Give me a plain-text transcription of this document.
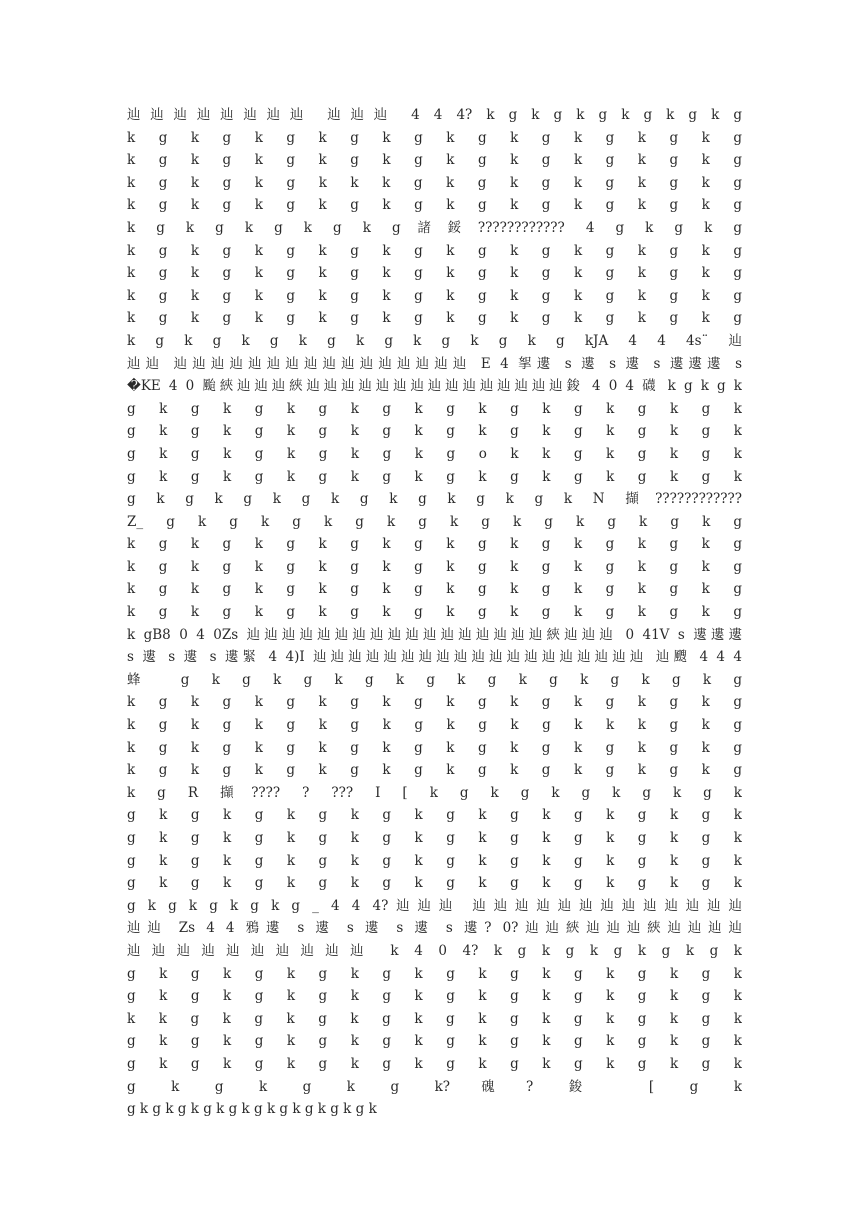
辿辿辿辿辿辿辿辿 辿辿辿 4 4 4? k g k g k g k g k g k g
k g k g k g k g k g k g k g k g k g k g
k g k g k g k g k g k g k g k g k g k g
k g k g k g k k k g k g k g k g k g k g
k g k g k g k g k g k g k g k g k g k g
k g k g k g k g k g諸鋖???????????? 4 g k g k g
k g k g k g k g k g k g k g k g k g k g
k g k g k g k g k g k g k g k g k g k g
k g k g k g k g k g k g k g k g k g k g
k g k g k g k g k g k g k g k g k g k g
k g k g k g k g k g k g k g k g kJA 4 4 4s¨ 辿
辿辿 辿辿辿辿辿辿辿辿辿辿辿辿辿辿辿辿 E 4 挐遱 s 遱 s 遱 s 遱遱遱 s
�KE 4 0 颱綊辿辿辿綊辿辿辿辿辿辿辿辿辿辿辿辿辿辿辿鋑 4 0 4 礣 k g k g k
g k g k g k g k g k g k g k g k g k g k
g k g k g k g k g k g k g k g k g k g k
g k g k g k g k g k g o k k g k g k g k
g k g k g k g k g k g k g k g k g k g k
g k g k g k g k g k g k g k g k N 擷????????????
Z_ g k g k g k g k g k g k g k g k g k g
k g k g k g k g k g k g k g k g k g k g
k g k g k g k g k g k g k g k g k g k g
k g k g k g k g k g k g k g k g k g k g
k g k g k g k g k g k g k g k g k g k g
k gB8 0 4 0Zs 辿辿辿辿辿辿辿辿辿辿辿辿辿辿辿辿辿綊辿辿辿 0 41V s 遱遱遱
s 遱 s 遱 s 遱緊 4 4)I 辿辿辿辿辿辿辿辿辿辿辿辿辿辿辿辿辿辿辿 辿颼 4 4 4
蜂 g k g k g k g k g k g k g k g k g k g
k g k g k g k g k g k g k g k g k g k g
k g k g k g k g k g k g k g k k k g k g
k g k g k g k g k g k g k g k g k g k g
k g k g k g k g k g k g k g k g k g k g
k g R 擷???? ? ??? I [ k g k g k g k g k g k
g k g k g k g k g k g k g k g k g k g k
g k g k g k g k g k g k g k g k g k g k
g k g k g k g k g k g k g k g k g k g k
g k g k g k g k g k g k g k g k g k g k
g k g k g k g k g _ 4 4 4?辿辿辿 辿辿辿辿辿辿辿辿辿辿辿辿辿
辿辿 Zs 4 4 鴉遱 s 遱 s 遱 s 遱 s 遱? 0?辿辿綊辿辿辿綊辿辿辿辿
辿辿辿辿辿辿辿辿辿辿 k 4 0 4? k g k g k g k g k g k
g k g k g k g k g k g k g k g k g k g k
g k g k g k g k g k g k g k g k g k g k
k k g k g k g k g k g k g k g k g k g k
g k g k g k g k g k g k g k g k g k g k
g k g k g k g k g k g k g k g k g k g k
g k g k g k g k?磈? 鋑 [ g k
g k g k g k g k g k g k g k g k g k g k
